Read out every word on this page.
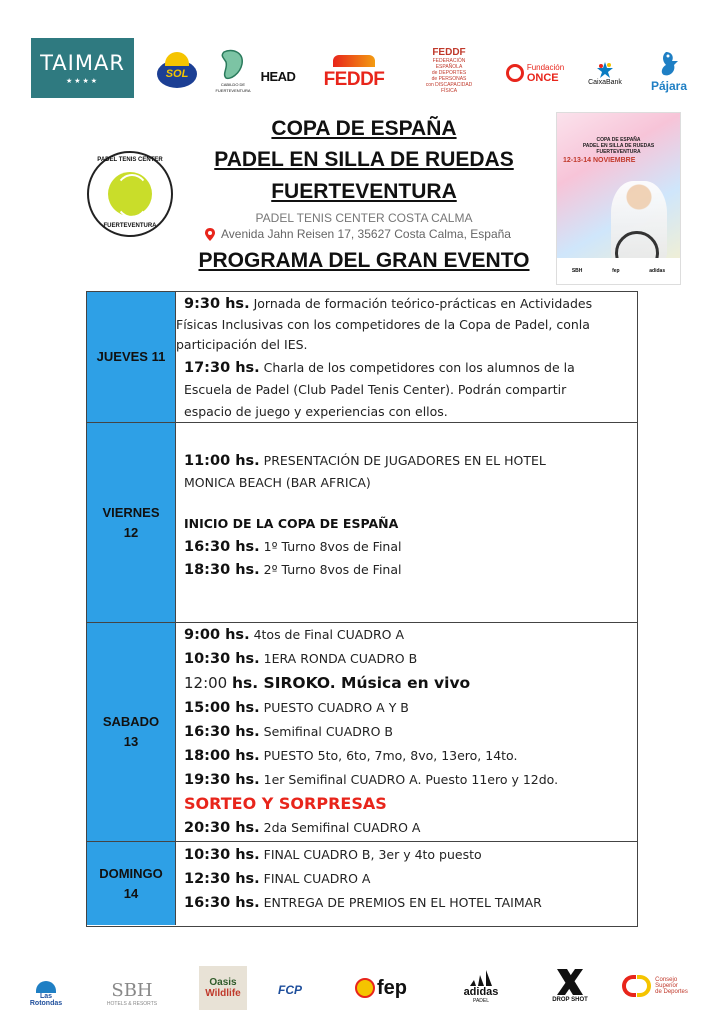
TAIMAR
★★★★
SOL
CABILDO DE FUERTEVENTURA
HEAD FEDDF
FEDDF
FEDERACIÓN
ESPAÑOLA
de DEPORTES
de PERSONAS
con DISCAPACIDAD
FÍSICA
Fundación
ONCE	CaixaBank Pájara
COPA DE ESPAÑA
PADEL EN SILLA DE RUEDAS
FUERTEVENTURA
PADEL TENIS CENTER COSTA CALMA
Avenida Jahn Reisen 17, 35627 Costa Calma, España
PROGRAMA DEL GRAN EVENTO
PADEL TENIS CENTER
FUERTEVENTURA
COPA DE ESPAÑA
PADEL EN SILLA DE RUEDAS
FUERTEVENTURA
12-13-14 NOVIEMBRE
SBH	fep	adidas
JUEVES 11
9:30 hs. Jornada de formación teórico-prácticas en Actividades
Físicas Inclusivas con los competidores de la Copa de Padel, conla
participación del IES.
17:30 hs. Charla de los competidores con los alumnos de la
Escuela de Padel (Club Padel Tenis Center). Podrán compartir
espacio de juego y experiencias con ellos.
VIERNES
12
11:00 hs. PRESENTACIÓN DE JUGADORES EN EL HOTEL
MONICA BEACH (BAR AFRICA)
INICIO DE LA COPA DE ESPAÑA
16:30 hs. 1º Turno 8vos de Final
18:30 hs. 2º Turno 8vos de Final
SABADO
13
9:00 hs. 4tos de Final CUADRO A
10:30 hs. 1ERA RONDA CUADRO B
12:00 hs. SIROKO. Música en vivo
15:00 hs. PUESTO CUADRO A Y B
16:30 hs. Semifinal CUADRO B
18:00 hs. PUESTO 5to, 6to, 7mo, 8vo, 13ero, 14to.
19:30 hs. 1er Semifinal CUADRO A. Puesto 11ero y 12do.
SORTEO Y SORPRESAS
20:30 hs. 2da Semifinal CUADRO A
DOMINGO
14
10:30 hs. FINAL CUADRO B, 3er y 4to puesto
12:30 hs. FINAL CUADRO A
16:30 hs. ENTREGA DE PREMIOS EN EL HOTEL TAIMAR
Las
Rotondas
SBH
HOTELS & RESORTS
Oasis
Wildlife	FCP	fep	adidas
PADEL	DROP SHOT
Consejo
Superior
de Deportes
